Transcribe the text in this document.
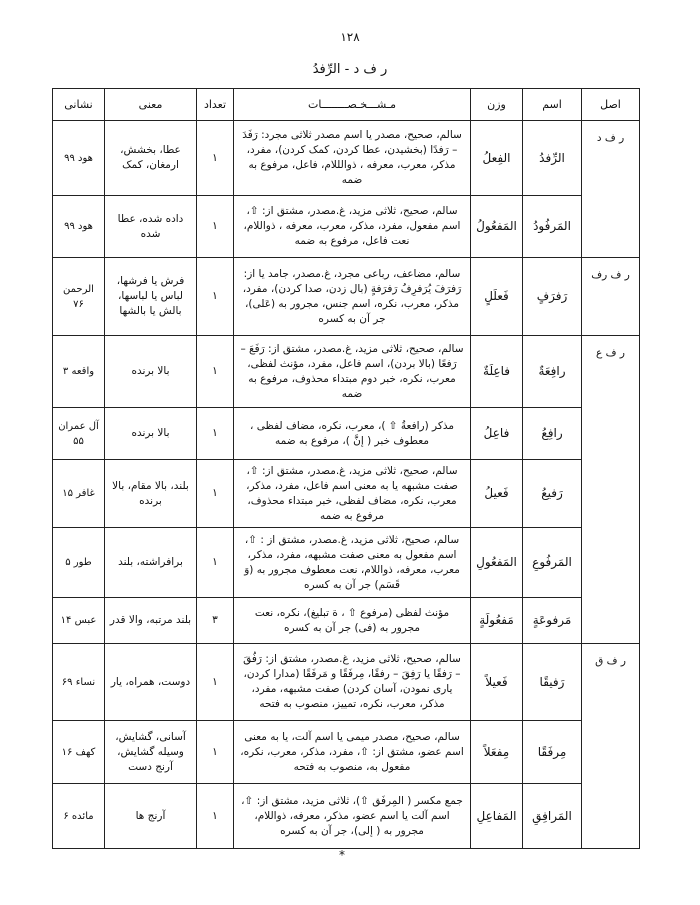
۱۲۸
ر ف د - الرِّفدُ
اصل	اسم	وزن	مـشـــخـصــــــــات	تعداد	معنی	نشانی
ر ف د	الرِّفدُ	الفِعلُ	سالم، صحیح، مصدر یا اسم مصدر ثلاثی مجرد: رَفَدَ – رَفدًا (بخشیدن، عطا کردن، کمک کردن)، مفرد، مذکر، معرب، معرفه ، ذوالللام، فاعل، مرفوع به ضمه	۱	عطا، بخشش، ارمغان، کمک	هود ۹۹
	المَرفُودُ	المَفعُولُ	سالم، صحیح، ثلاثی مزید، غ.مصدر، مشتق از: ⇧، اسم مفعول، مفرد، مذکر، معرب، معرفه ، ذواللام، نعت فاعل، مرفوع به ضمه	۱	داده شده، عطا شده	هود ۹۹
ر ف رف	رَفرَفٍ	فَعلَلٍ	سالم، مضاعف، رباعی مجرد، غ.مصدر، جامد یا از: رَفرَفَ يُرَفرِفُ رَفرَفةٍ (بال زدن، صدا کردن)، مفرد، مذکر، معرب، نکره، اسم جنس، مجرور به (عَلی)، جر آن به کسره	۱	فرش یا فرشها، لباس یا لباسها، بالش یا بالشها	الرحمن ۷۶
ر ف ع	رافِعَةٌ	فاعِلَةٌ	سالم، صحیح، ثلاثی مزید، غ.مصدر، مشتق از: رَفَعَ – رَفعًا (بالا بردن)، اسم فاعل، مفرد، مؤنث لفظی، معرب، نکره، خبر دوم مبتداء محذوف، مرفوع به ضمه	۱	بالا برنده	واقعه ۳
	رافِعُ	فاعِلُ	مذکر (رافعةُ ⇧ )، معرب، نکره، مضاف لفظی ، معطوف خبر ( إنَّ )، مرفوع به ضمه	۱	بالا برنده	آل عمران ۵۵
	رَفيعُ	فَعيلُ	سالم، صحیح، ثلاثی مزید، غ.مصدر، مشتق از: ⇧، صفت مشبهه یا به معنی اسم فاعل، مفرد، مذکر، معرب، نکره، مضاف لفظی، خبر مبتداء محذوف، مرفوع به ضمه	۱	بلند، بالا مقام، بالا برنده	غافر ۱۵
	المَرفُوعِ	المَفعُولِ	سالم، صحیح، ثلاثی مزید، غ.مصدر، مشتق از : ⇧، اسم مفعول به معنی صفت مشبهه، مفرد، مذکر، معرب، معرفه، ذواللام، نعت معطوف مجرور به (وَ قَسَم) جر آن به کسره	۱	برافراشته، بلند	طور ۵
	مَرفوعَةٍ	مَفعُولَةٍ	مؤنث لفظی (مرفوع ⇧ ، ة تبلیغ)، نکره، نعت مجرور به (فی) جر آن به کسره	۳	بلند مرتبه، والا قدر	عبس ۱۴
ر ف ق	رَفيقًا	فَعيلاً	سالم، صحیح، ثلاثی مزید، غ.مصدر، مشتق از: رَفُقَ – رَفقًا یا رَفِقَ – رفقًا، مِرفَقًا و مَرفَقًا (مدارا کردن، یاری نمودن، آسان کردن) صفت مشبهه، مفرد، مذکر، معرب، نکره، تمییز، منصوب به فتحه	۱	دوست، همراه، یار	نساء ۶۹
	مِرفَقًا	مِفعَلاً	سالم، صحیح، مصدر میمی یا اسم آلت، یا به معنی اسم عضو، مشتق از: ⇧، مفرد، مذکر، معرب، نکره، مفعول به، منصوب به فتحه	۱	آسانی، گشایش، وسیله گشایش، آرنج دست	کهف ۱۶
	المَرافِقِ	المَفاعِلِ	جمع مکسر ( المِرفَق ⇧)، ثلاثی مزید، مشتق از: ⇧، اسم آلت یا اسم عضو، مذکر، معرفه، ذواللام، مجرور به ( إلی)، جر آن به کسره	۱	آرنج ها	مائده ۶
*
